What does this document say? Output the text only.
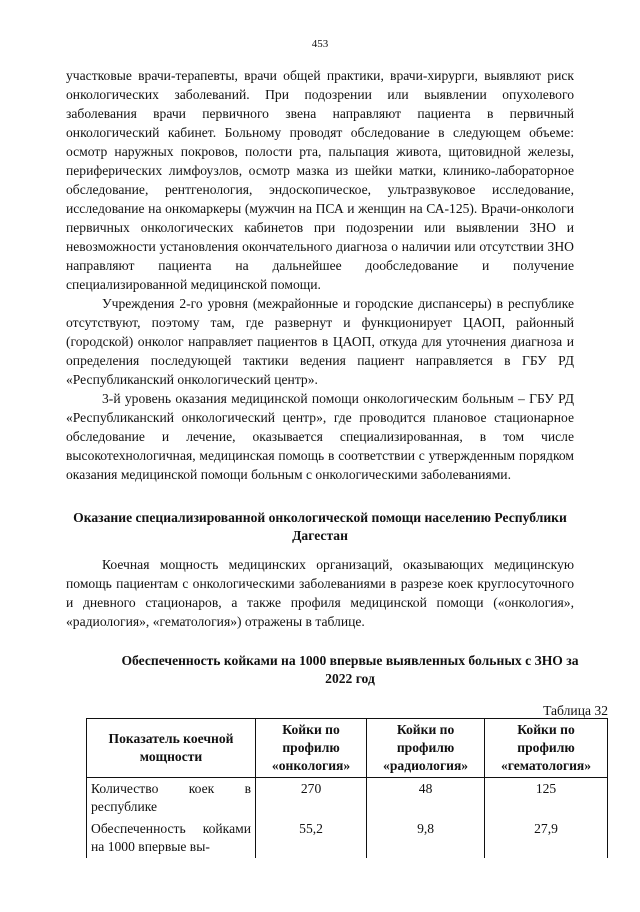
453

участковые врачи-терапевты, врачи общей практики, врачи-хирурги, выявляют риск онкологических заболеваний. При подозрении или выявлении опухолевого заболевания врачи первичного звена направляют пациента в первичный онкологический кабинет. Больному проводят обследование в следующем объеме: осмотр наружных покровов, полости рта, пальпация живота, щитовидной железы, периферических лимфоузлов, осмотр мазка из шейки матки, клинико-лабораторное обследование, рентгенология, эндоскопическое, ультразвуковое исследование, исследование на онкомаркеры (мужчин на ПСА и женщин на СА-125). Врачи-онкологи первичных онкологических кабинетов при подозрении или выявлении ЗНО и невозможности установления окончательного диагноза о наличии или отсутствии ЗНО направляют пациента на дальнейшее дообследование и получение специализированной медицинской помощи.

Учреждения 2-го уровня (межрайонные и городские диспансеры) в республике отсутствуют, поэтому там, где развернут и функционирует ЦАОП, районный (городской) онколог направляет пациентов в ЦАОП, откуда для уточнения диагноза и определения последующей тактики ведения пациент направляется в ГБУ РД «Республиканский онкологический центр».

3-й уровень оказания медицинской помощи онкологическим больным – ГБУ РД «Республиканский онкологический центр», где проводится плановое стационарное обследование и лечение, оказывается специализированная, в том числе высокотехнологичная, медицинская помощь в соответствии с утвержденным порядком оказания медицинской помощи больным с онкологическими заболеваниями.

Оказание специализированной онкологической помощи населению Республики Дагестан

Коечная мощность медицинских организаций, оказывающих медицинскую помощь пациентам с онкологическими заболеваниями в разрезе коек круглосуточного и дневного стационаров, а также профиля медицинской помощи («онкология», «радиология», «гематология») отражены в таблице.

Обеспеченность койками на 1000 впервые выявленных больных с ЗНО за 2022 год

Таблица 32
Показатель коечной мощности	Койки по профилю «онкология»	Койки по профилю «радиология»	Койки по профилю «гематология»
Количество коек в республике	270	48	125
Обеспеченность койками на 1000 впервые вы-	55,2	9,8	27,9
